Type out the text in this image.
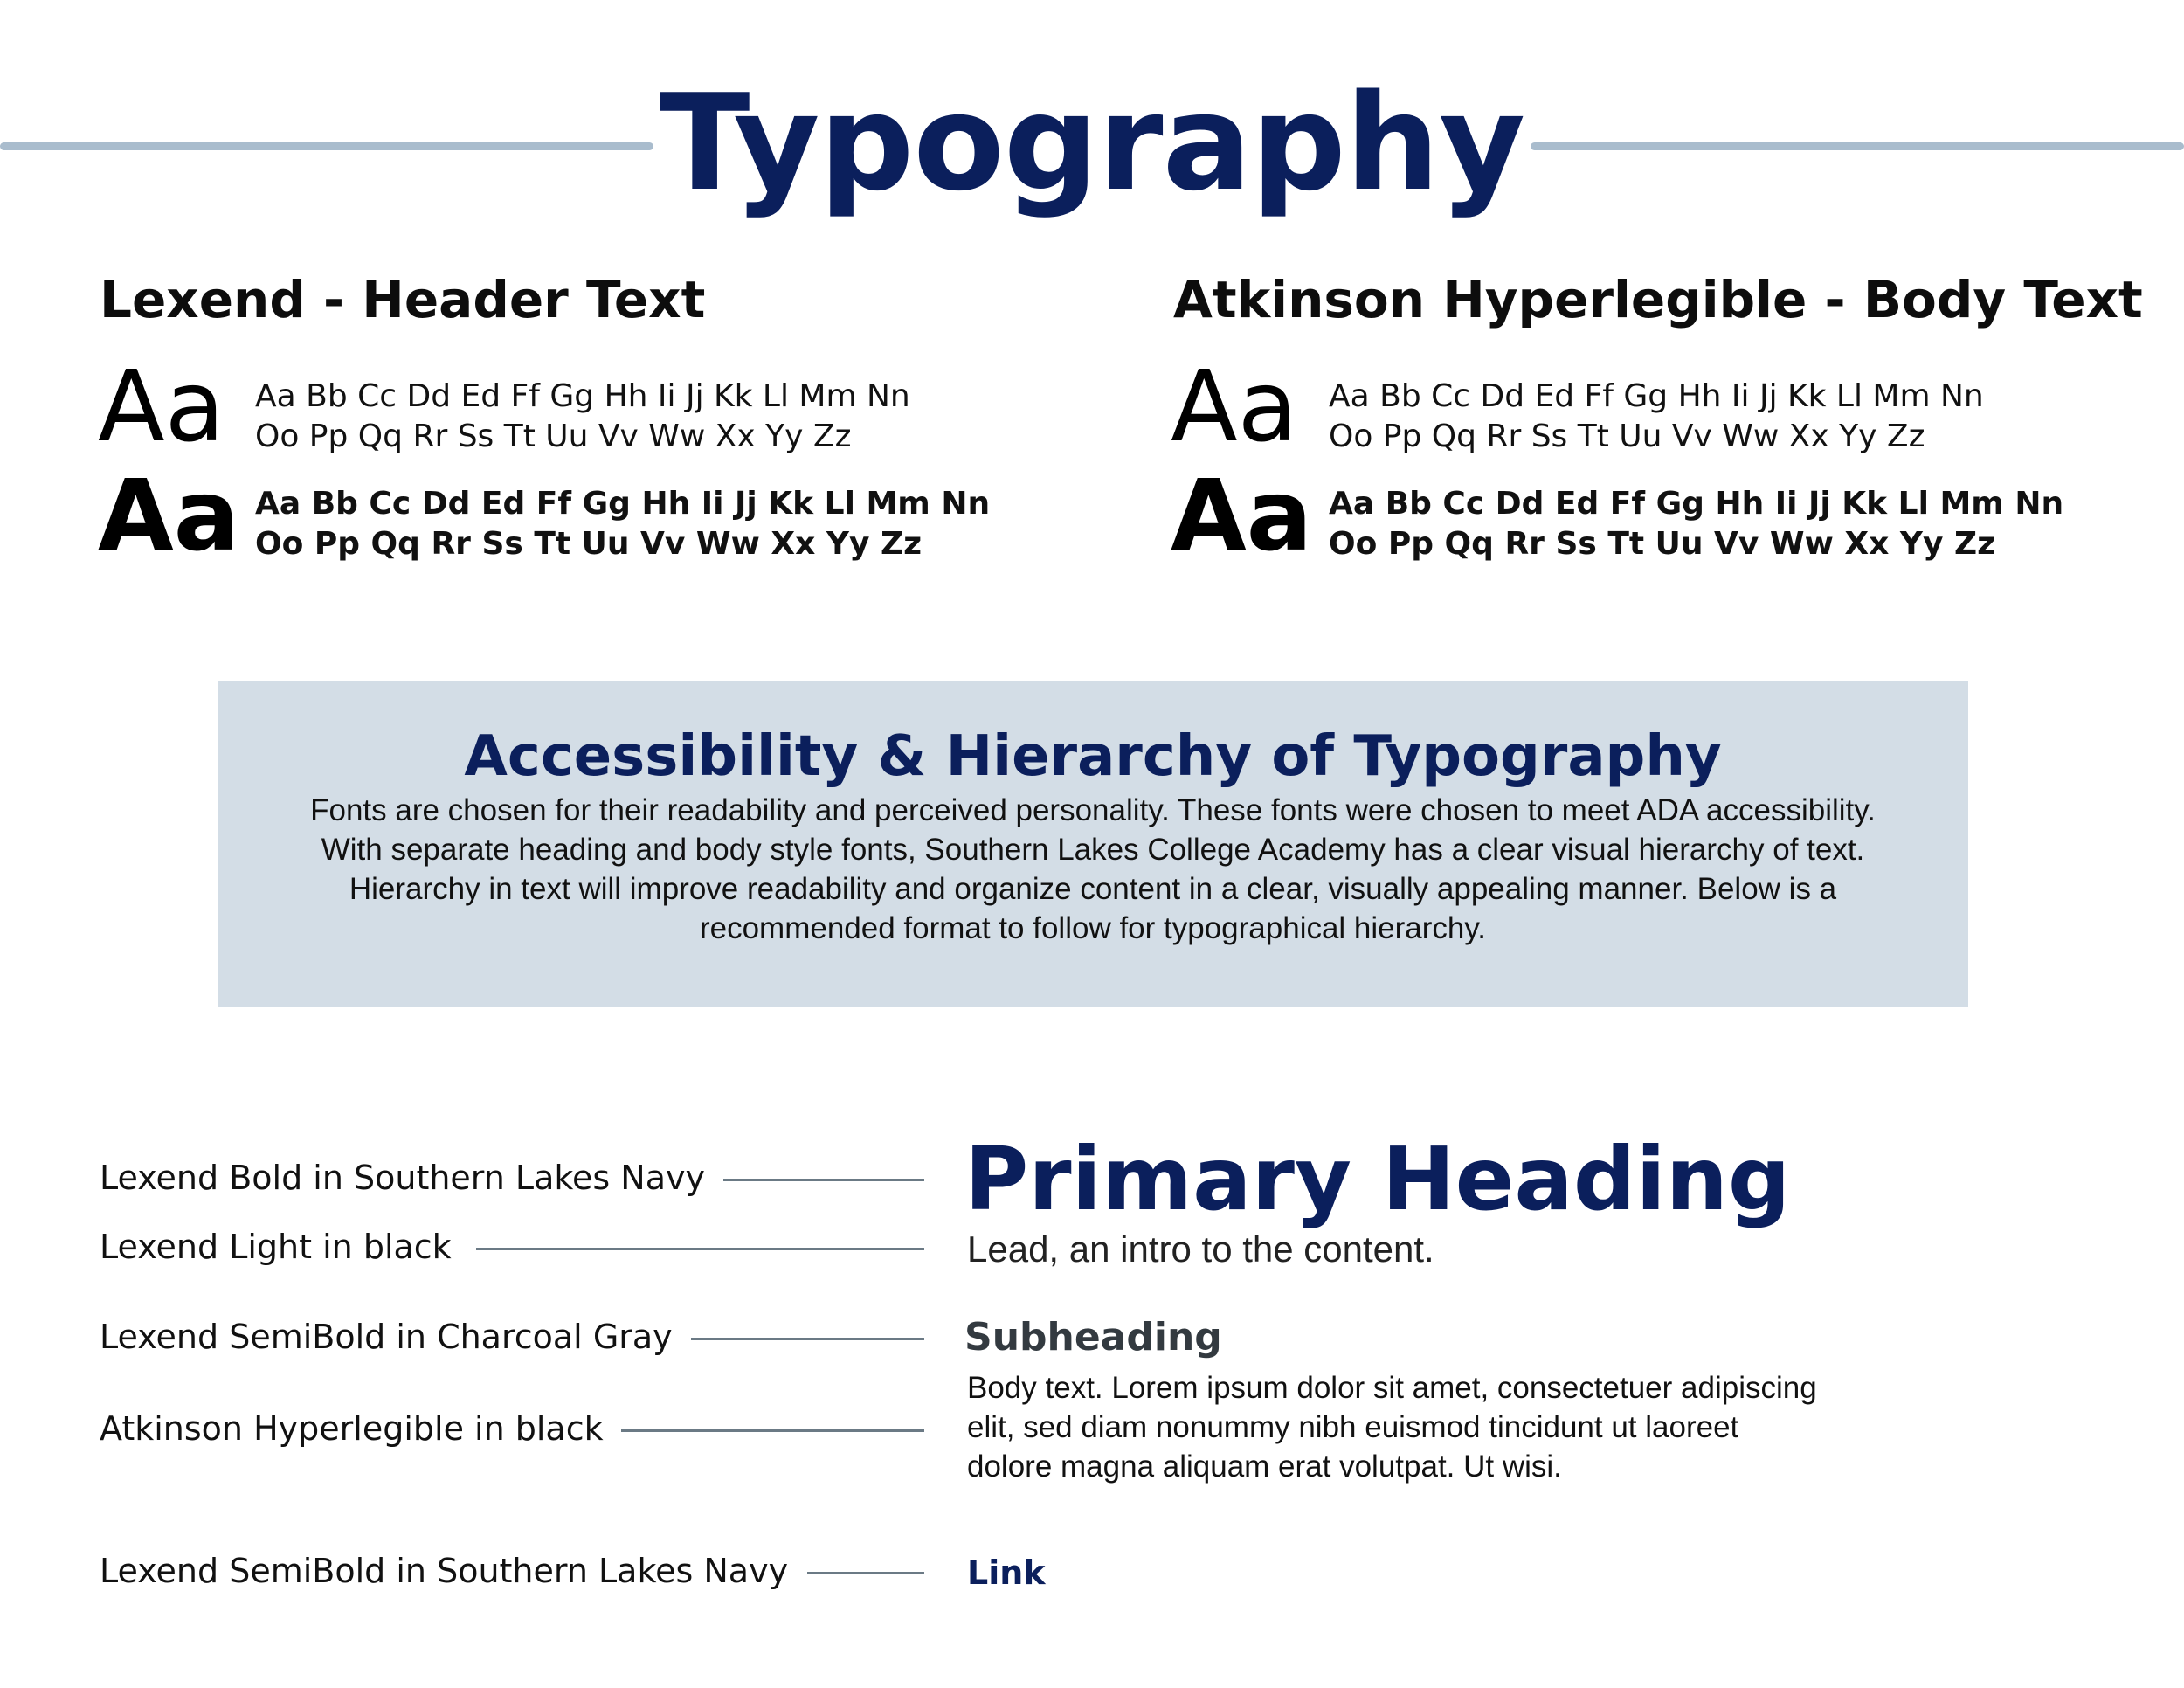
Typography
Lexend - Header Text
Aa
Aa
Aa Bb Cc Dd Ed Ff Gg Hh Ii Jj Kk Ll Mm Nn
Oo Pp Qq Rr Ss Tt Uu Vv Ww Xx Yy Zz
Aa Bb Cc Dd Ed Ff Gg Hh Ii Jj Kk Ll Mm Nn
Oo Pp Qq Rr Ss Tt Uu Vv Ww Xx Yy Zz
Atkinson Hyperlegible - Body Text
Aa
Aa
Aa Bb Cc Dd Ed Ff Gg Hh Ii Jj Kk Ll Mm Nn
Oo Pp Qq Rr Ss Tt Uu Vv Ww Xx Yy Zz
Aa Bb Cc Dd Ed Ff Gg Hh Ii Jj Kk Ll Mm Nn
Oo Pp Qq Rr Ss Tt Uu Vv Ww Xx Yy Zz
Accessibility & Hierarchy of Typography
Fonts are chosen for their readability and perceived personality. These fonts were chosen to meet ADA accessibility. With separate heading and body style fonts, Southern Lakes College Academy has a clear visual hierarchy of text. Hierarchy in text will improve readability and organize content in a clear, visually appealing manner. Below is a recommended format to follow for typographical hierarchy.
Lexend Bold in Southern Lakes Navy
Lexend Light in black
Lexend SemiBold in Charcoal Gray
Atkinson Hyperlegible in black
Lexend SemiBold in Southern Lakes Navy
Primary Heading
Lead, an intro to the content.
Subheading
Body text. Lorem ipsum dolor sit amet, consectetuer adipiscing elit, sed diam nonummy nibh euismod tincidunt ut laoreet dolore magna aliquam erat volutpat. Ut wisi.
Link
